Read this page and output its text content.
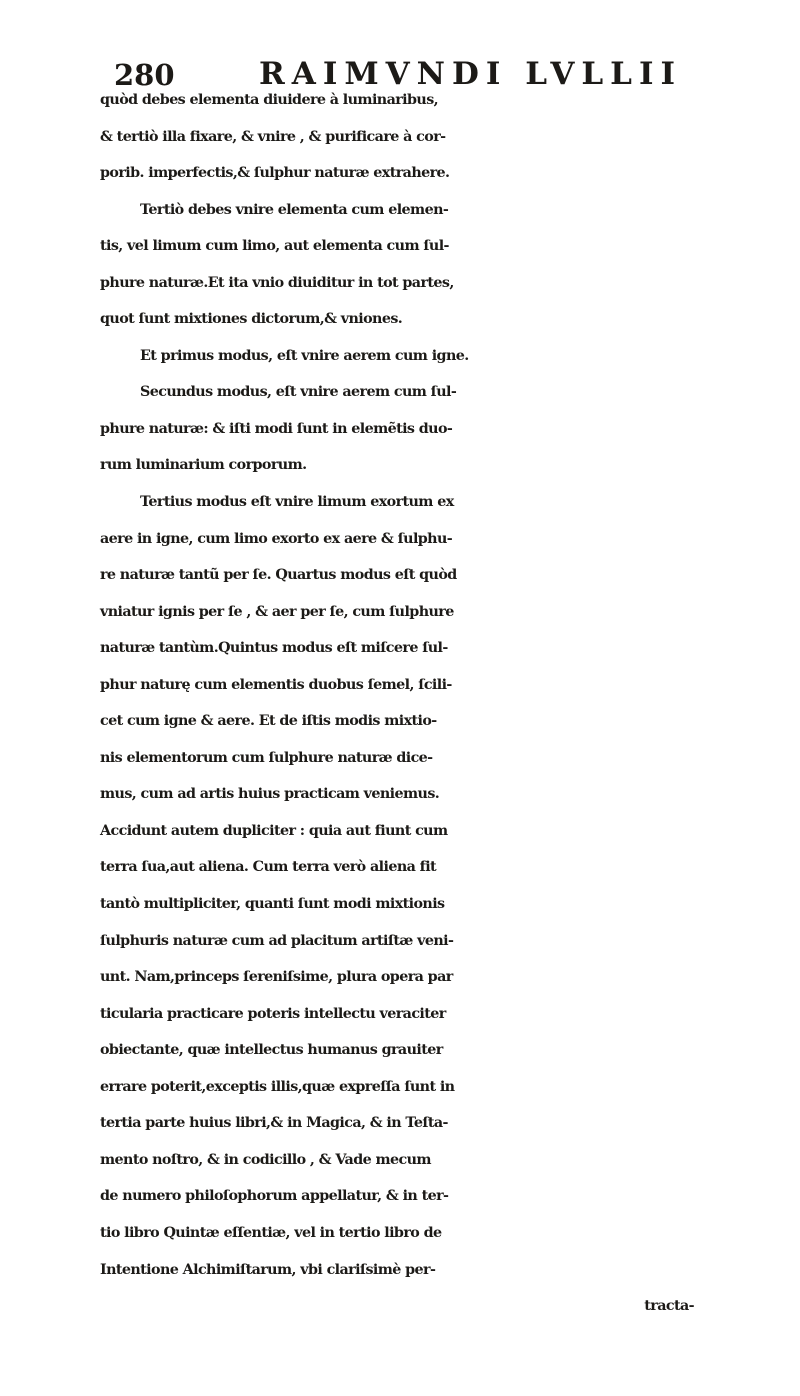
280	RAIMVNDI LVLLII
quòd debes elementa diuidere à luminaribus,
& tertiò illa fixare, & vnire , & purificare à cor-
porib. imperfectis,& ſulphur naturæ extrahere.
Tertiò debes vnire elementa cum elemen-
tis, vel limum cum limo, aut elementa cum ſul-
phure naturæ.Et ita vnio diuiditur in tot partes,
quot ſunt mixtiones dictorum,& vniones.
Et primus modus, eſt vnire aerem cum igne.
Secundus modus, eſt vnire aerem cum ſul-
phure naturæ: & iſti modi ſunt in elemẽtis duo-
rum luminarium corporum.
Tertius modus eſt vnire limum exortum ex
aere in igne, cum limo exorto ex aere & ſulphu-
re naturæ tantũ per ſe. Quartus modus eſt quòd
vniatur ignis per ſe , & aer per ſe, cum ſulphure
naturæ tantùm.Quintus modus eſt miſcere ſul-
phur naturę cum elementis duobus ſemel, ſcili-
cet cum igne & aere. Et de iſtis modis mixtio-
nis elementorum cum ſulphure naturæ dice-
mus, cum ad artis huius practicam veniemus.
Accidunt autem dupliciter : quia aut fiunt cum
terra ſua,aut aliena. Cum terra verò aliena fit
tantò multipliciter, quanti ſunt modi mixtionis
ſulphuris naturæ cum ad placitum artiſtæ veni-
unt. Nam,princeps ſereniſsime, plura opera par
ticularia practicare poteris intellectu veraciter
obiectante, quæ intellectus humanus grauiter
errare poterit,exceptis illis,quæ expreſſa ſunt in
tertia parte huius libri,& in Magica, & in Teſta-
mento noſtro, & in codicillo , & Vade mecum
de numero philoſophorum appellatur, & in ter-
tio libro Quintæ eſſentiæ, vel in tertio libro de
Intentione Alchimiſtarum, vbi clariſsimè per-
tracta-
